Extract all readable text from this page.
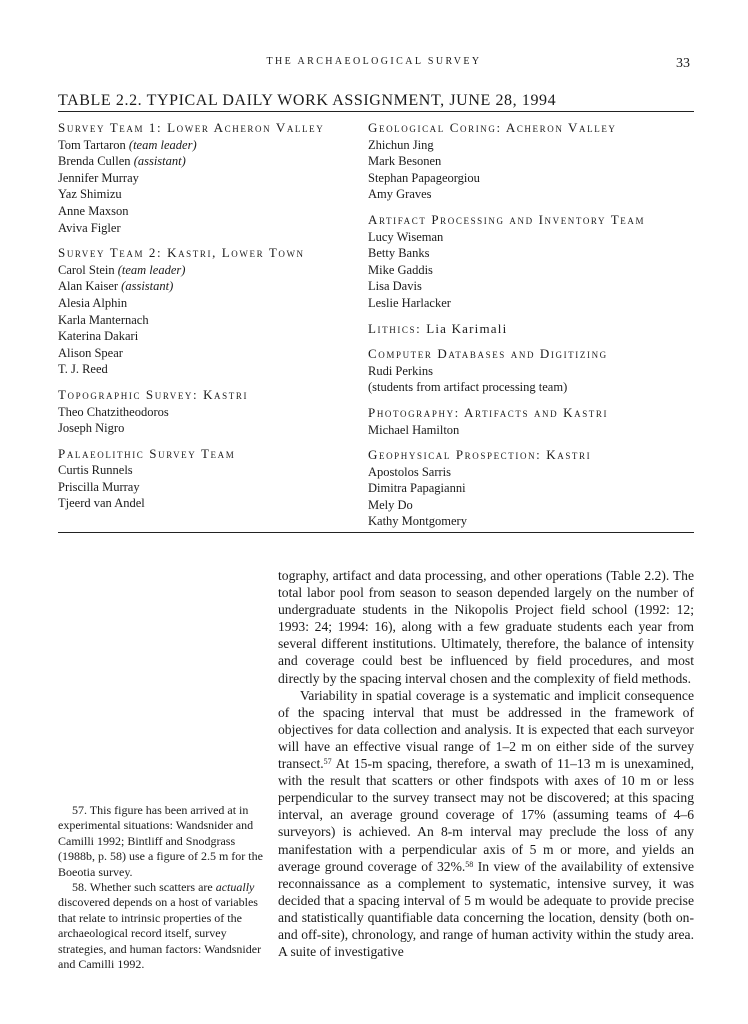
THE ARCHAEOLOGICAL SURVEY	33
TABLE 2.2. TYPICAL DAILY WORK ASSIGNMENT, JUNE 28, 1994
Survey Team 1: Lower Acheron Valley
Tom Tartaron (team leader)
Brenda Cullen (assistant)
Jennifer Murray
Yaz Shimizu
Anne Maxson
Aviva Figler
Survey Team 2: Kastri, Lower Town
Carol Stein (team leader)
Alan Kaiser (assistant)
Alesia Alphin
Karla Manternach
Katerina Dakari
Alison Spear
T. J. Reed
Topographic Survey: Kastri
Theo Chatzitheodoros
Joseph Nigro
Palaeolithic Survey Team
Curtis Runnels
Priscilla Murray
Tjeerd van Andel
Geological Coring: Acheron Valley
Zhichun Jing
Mark Besonen
Stephan Papageorgiou
Amy Graves
Artifact Processing and Inventory Team
Lucy Wiseman
Betty Banks
Mike Gaddis
Lisa Davis
Leslie Harlacker
Lithics: Lia Karimali
Computer Databases and Digitizing
Rudi Perkins
(students from artifact processing team)
Photography: Artifacts and Kastri
Michael Hamilton
Geophysical Prospection: Kastri
Apostolos Sarris
Dimitra Papagianni
Mely Do
Kathy Montgomery

tography, artifact and data processing, and other operations (Table 2.2). The total labor pool from season to season depended largely on the number of undergraduate students in the Nikopolis Project field school (1992: 12; 1993: 24; 1994: 16), along with a few graduate students each year from several different institutions. Ultimately, therefore, the balance of intensity and coverage could best be influenced by field procedures, and most directly by the spacing interval chosen and the complexity of field methods.

Variability in spatial coverage is a systematic and implicit consequence of the spacing interval that must be addressed in the framework of objectives for data collection and analysis. It is expected that each surveyor will have an effective visual range of 1–2 m on either side of the survey transect.$^{57}$ At 15-m spacing, therefore, a swath of 11–13 m is unexamined, with the result that scatters or other findspots with axes of 10 m or less perpendicular to the survey transect may not be discovered; at this spacing interval, an average ground coverage of 17% (assuming teams of 4–6 surveyors) is achieved. An 8-m interval may preclude the loss of any manifestation with a perpendicular axis of 5 m or more, and yields an average ground coverage of 32%.$^{58}$ In view of the availability of extensive reconnaissance as a complement to systematic, intensive survey, it was decided that a spacing interval of 5 m would be adequate to provide precise and statistically quantifiable data concerning the location, density (both on- and off-site), chronology, and range of human activity within the study area. A suite of investigative

57. This figure has been arrived at in experimental situations: Wandsnider and Camilli 1992; Bintliff and Snodgrass (1988b, p. 58) use a figure of 2.5 m for the Boeotia survey.

58. Whether such scatters are actually discovered depends on a host of variables that relate to intrinsic properties of the archaeological record itself, survey strategies, and human factors: Wandsnider and Camilli 1992.
